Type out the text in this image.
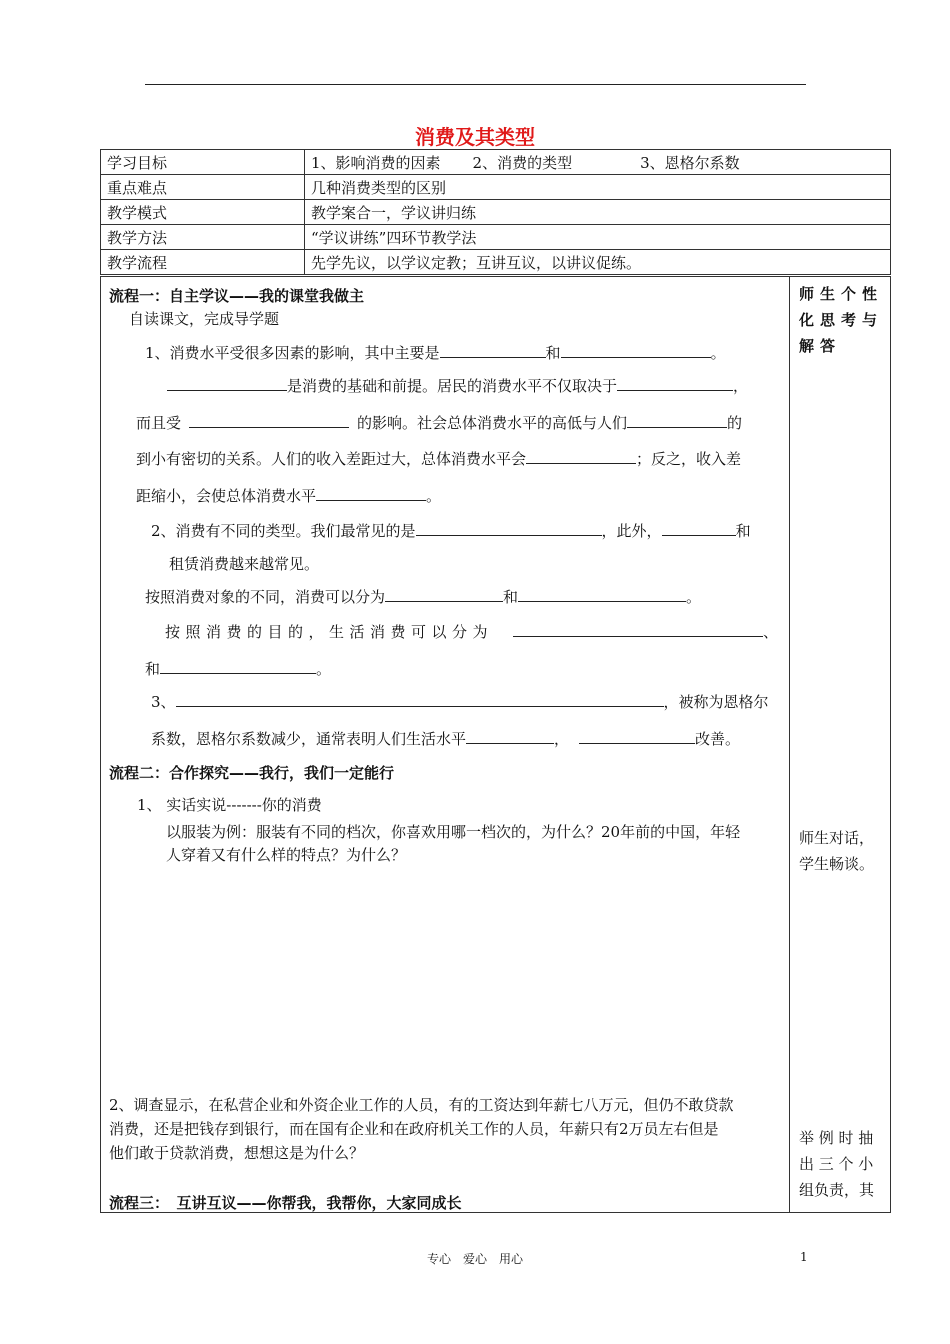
消费及其类型
学习目标	1、影响消费的因素 2、消费的类型 3、恩格尔系数
重点难点	几种消费类型的区别
教学模式	教学案合一，学议讲归练
教学方法	“学议讲练”四环节教学法
教学流程	先学先议，以学议定教；互讲互议，以讲议促练。
流程一：自主学议——我的课堂我做主
自读课文，完成导学题
1、消费水平受很多因素的影响，其中主要是	和	。
是消费的基础和前提。居民的消费水平不仅取决于	，
而且受	的影响。社会总体消费水平的高低与人们	的
到小有密切的关系。人们的收入差距过大，总体消费水平会	；反之，收入差
距缩小，会使总体消费水平	。
2、消费有不同的类型。我们最常见的是	，此外，	和
租赁消费越来越常见。
按照消费对象的不同，消费可以分为	和	。
按照消费的目的，生活消费可以分为	、
和	。
3、	，被称为恩格尔
系数，恩格尔系数减少，通常表明人们生活水平	，	改善。
流程二：合作探究——我行，我们一定能行
1、 实话实说-------你的消费
以服装为例：服装有不同的档次，你喜欢用哪一档次的，为什么？20年前的中国，年轻
人穿着又有什么样的特点？为什么？
2、调查显示，在私营企业和外资企业工作的人员，有的工资达到年薪七八万元，但仍不敢贷款
消费，还是把钱存到银行，而在国有企业和在政府机关工作的人员，年薪只有2万员左右但是
他们敢于贷款消费，想想这是为什么？
流程三：　互讲互议——你帮我，我帮你，大家同成长
师生个性
化思考与
解答
师生对话，
学生畅谈。
举 例 时 抽
出 三 个 小
组负责，其
专心　爱心　用心	1
